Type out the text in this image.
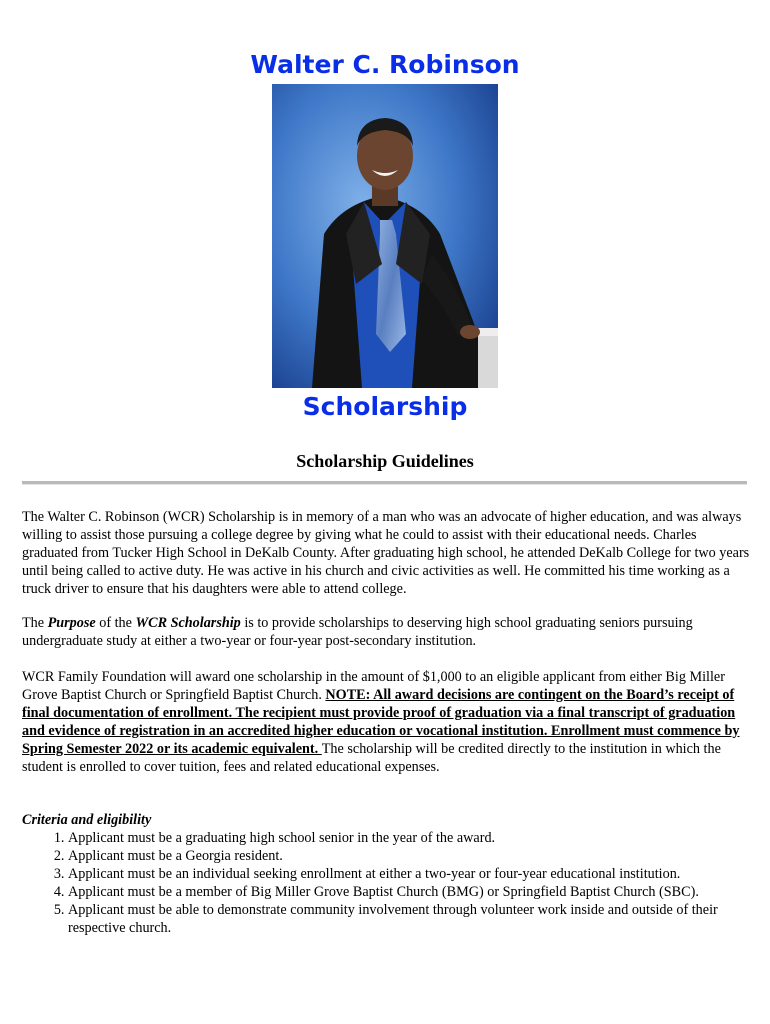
Walter C. Robinson
Scholarship
Scholarship Guidelines

The Walter C. Robinson (WCR) Scholarship is in memory of a man who was an advocate of higher education, and was always willing to assist those pursuing a college degree by giving what he could to assist with their educational needs. Charles graduated from Tucker High School in DeKalb County. After graduating high school, he attended DeKalb College for two years until being called to active duty. He was active in his church and civic activities as well. He committed his time working as a truck driver to ensure that his daughters were able to attend college.

The Purpose of the WCR Scholarship is to provide scholarships to deserving high school graduating seniors pursuing undergraduate study at either a two-year or four-year post-secondary institution.

WCR Family Foundation will award one scholarship in the amount of $1,000 to an eligible applicant from either Big Miller Grove Baptist Church or Springfield Baptist Church. NOTE: All award decisions are contingent on the Board’s receipt of final documentation of enrollment. The recipient must provide proof of graduation via a final transcript of graduation and evidence of registration in an accredited higher education or vocational institution. Enrollment must commence by Spring Semester 2022 or its academic equivalent. The scholarship will be credited directly to the institution in which the student is enrolled to cover tuition, fees and related educational expenses.

Criteria and eligibility

1. Applicant must be a graduating high school senior in the year of the award.
2. Applicant must be a Georgia resident.
3. Applicant must be an individual seeking enrollment at either a two-year or four-year educational institution.
4. Applicant must be a member of Big Miller Grove Baptist Church (BMG) or Springfield Baptist Church (SBC).
5. Applicant must be able to demonstrate community involvement through volunteer work inside and outside of their respective church.
